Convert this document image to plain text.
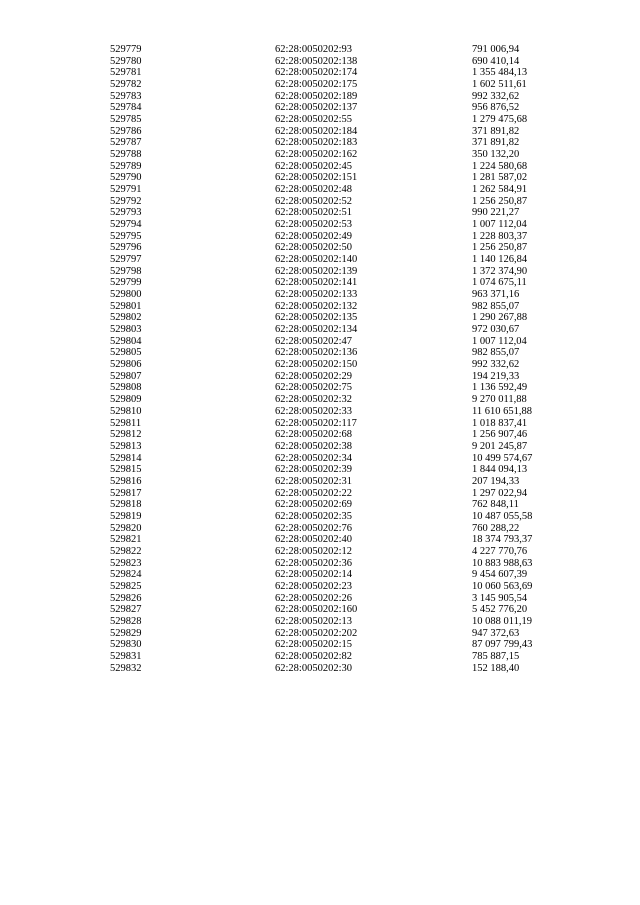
529779	62:28:0050202:93	791 006,94
529780	62:28:0050202:138	690 410,14
529781	62:28:0050202:174	1 355 484,13
529782	62:28:0050202:175	1 602 511,61
529783	62:28:0050202:189	992 332,62
529784	62:28:0050202:137	956 876,52
529785	62:28:0050202:55	1 279 475,68
529786	62:28:0050202:184	371 891,82
529787	62:28:0050202:183	371 891,82
529788	62:28:0050202:162	350 132,20
529789	62:28:0050202:45	1 224 580,68
529790	62:28:0050202:151	1 281 587,02
529791	62:28:0050202:48	1 262 584,91
529792	62:28:0050202:52	1 256 250,87
529793	62:28:0050202:51	990 221,27
529794	62:28:0050202:53	1 007 112,04
529795	62:28:0050202:49	1 228 803,37
529796	62:28:0050202:50	1 256 250,87
529797	62:28:0050202:140	1 140 126,84
529798	62:28:0050202:139	1 372 374,90
529799	62:28:0050202:141	1 074 675,11
529800	62:28:0050202:133	963 371,16
529801	62:28:0050202:132	982 855,07
529802	62:28:0050202:135	1 290 267,88
529803	62:28:0050202:134	972 030,67
529804	62:28:0050202:47	1 007 112,04
529805	62:28:0050202:136	982 855,07
529806	62:28:0050202:150	992 332,62
529807	62:28:0050202:29	194 219,33
529808	62:28:0050202:75	1 136 592,49
529809	62:28:0050202:32	9 270 011,88
529810	62:28:0050202:33	11 610 651,88
529811	62:28:0050202:117	1 018 837,41
529812	62:28:0050202:68	1 256 907,46
529813	62:28:0050202:38	9 201 245,87
529814	62:28:0050202:34	10 499 574,67
529815	62:28:0050202:39	1 844 094,13
529816	62:28:0050202:31	207 194,33
529817	62:28:0050202:22	1 297 022,94
529818	62:28:0050202:69	762 848,11
529819	62:28:0050202:35	10 487 055,58
529820	62:28:0050202:76	760 288,22
529821	62:28:0050202:40	18 374 793,37
529822	62:28:0050202:12	4 227 770,76
529823	62:28:0050202:36	10 883 988,63
529824	62:28:0050202:14	9 454 607,39
529825	62:28:0050202:23	10 060 563,69
529826	62:28:0050202:26	3 145 905,54
529827	62:28:0050202:160	5 452 776,20
529828	62:28:0050202:13	10 088 011,19
529829	62:28:0050202:202	947 372,63
529830	62:28:0050202:15	87 097 799,43
529831	62:28:0050202:82	785 887,15
529832	62:28:0050202:30	152 188,40
